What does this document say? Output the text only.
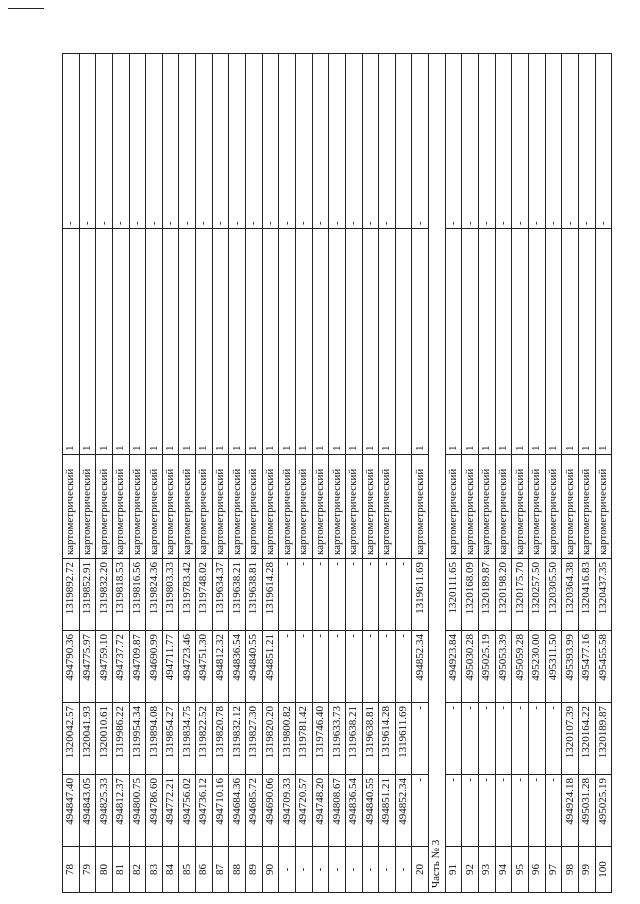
78
494847.40
1320042.57
494790.36
1319892.72
картометрический
1
-
79
494843.05
1320041.93
494775.97
1319852.91
картометрический
1
-
80
494825.33
1320010.61
494759.10
1319832.20
картометрический
1
-
81
494812.37
1319986.22
494737.72
1319818.53
картометрический
1
-
82
494800.75
1319954.34
494709.87
1319816.56
картометрический
1
-
83
494786.60
1319894.08
494690.99
1319824.36
картометрический
1
-
84
494772.21
1319854.27
494711.77
1319803.33
картометрический
1
-
85
494756.02
1319834.75
494723.46
1319783.42
картометрический
1
-
86
494736.12
1319822.52
494751.30
1319748.02
картометрический
1
-
87
494710.16
1319820.78
494812.32
1319634.37
картометрический
1
-
88
494684.36
1319832.12
494836.54
1319638.21
картометрический
1
-
89
494685.72
1319827.30
494840.55
1319638.81
картометрический
1
-
90
494690.06
1319820.20
494851.21
1319614.28
картометрический
1
-
-
494709.33
1319800.82
-
-
картометрический
1
-
-
494720.57
1319781.42
-
-
картометрический
1
-
-
494748.20
1319746.40
-
-
картометрический
1
-
-
494808.67
1319633.73
-
-
картометрический
1
-
-
494836.54
1319638.21
-
-
картометрический
1
-
-
494840.55
1319638.81
-
-
картометрический
1
-
-
494851.21
1319614.28
-
-
картометрический
1
-
-
494852.34
1319611.69
-
-
20
-
-
494852.34
1319611.69
картометрический
1
-
Часть № 3 91
-
-
494923.84
1320111.65
картометрический
1
-
92
-
-
495030.28
1320168.09
картометрический
1
-
93
-
-
495025.19
1320189.87
картометрический
1
-
94
-
-
495053.39
1320198.20
картометрический
1
-
95
-
-
495059.28
1320175.70
картометрический
1
-
96
-
-
495230.00
1320257.50
картометрический
1
-
97
-
-
495311.50
1320305.50
картометрический
1
-
98
494924.18
1320107.39
495393.99
1320364.38
картометрический
1
-
99
495031.28
1320164.22
495477.16
1320416.83
картометрический
1
-
100
495025.19
1320189.87
495455.58
1320437.35
картометрический
1
-
